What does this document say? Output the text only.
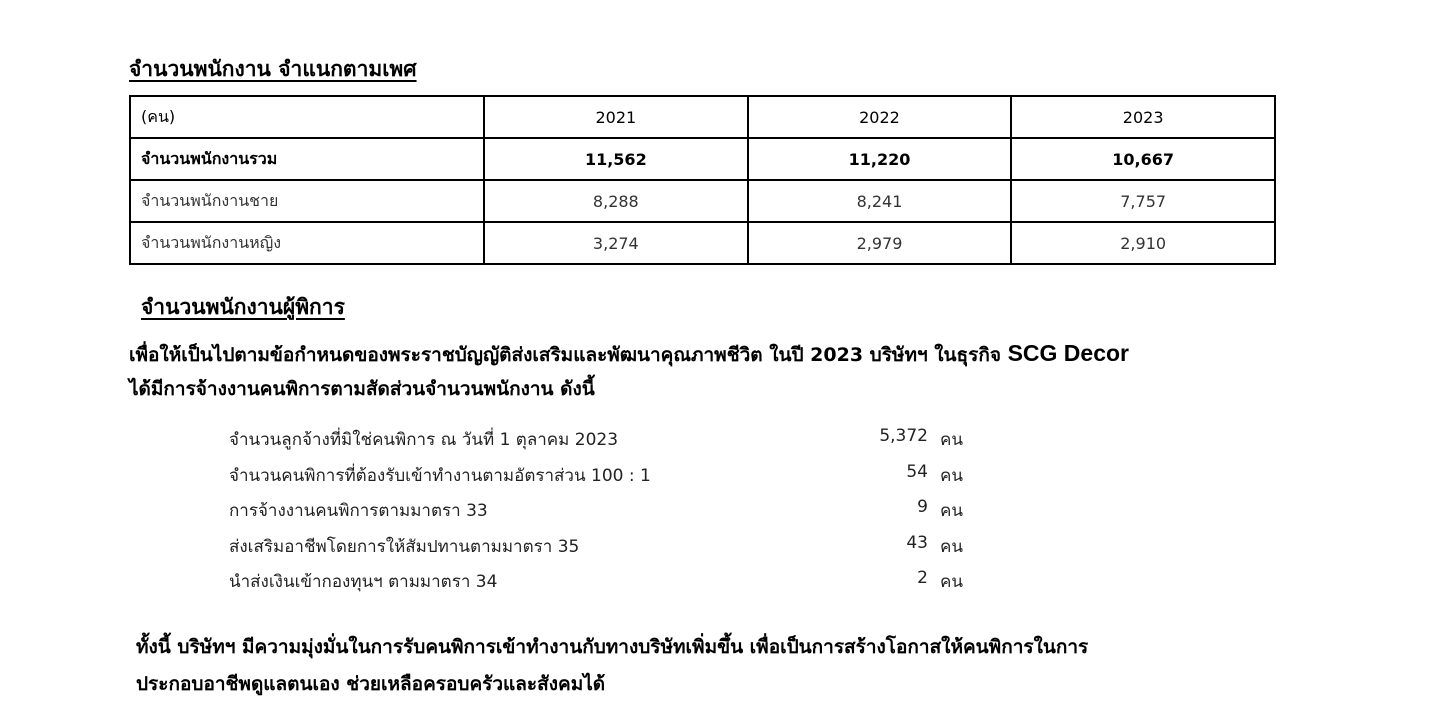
จำนวนพนักงาน จำแนกตามเพศ
(คน)	2021	2022	2023
จำนวนพนักงานรวม	11,562	11,220	10,667
จำนวนพนักงานชาย	8,288	8,241	7,757
จำนวนพนักงานหญิง	3,274	2,979	2,910
จำนวนพนักงานผู้พิการ
เพื่อให้เป็นไปตามข้อกำหนดของพระราชบัญญัติส่งเสริมและพัฒนาคุณภาพชีวิต ในปี 2023 บริษัทฯ ในธุรกิจ SCG Decor
ได้มีการจ้างงานคนพิการตามสัดส่วนจำนวนพนักงาน ดังนี้
จำนวนลูกจ้างที่มิใช่คนพิการ ณ วันที่ 1 ตุลาคม 2023	5,372 คน
จำนวนคนพิการที่ต้องรับเข้าทำงานตามอัตราส่วน 100 : 1	54 คน
การจ้างงานคนพิการตามมาตรา 33	9 คน
ส่งเสริมอาชีพโดยการให้สัมปทานตามมาตรา 35	43 คน
นำส่งเงินเข้ากองทุนฯ ตามมาตรา 34	2 คน
ทั้งนี้ บริษัทฯ มีความมุ่งมั่นในการรับคนพิการเข้าทำงานกับทางบริษัทเพิ่มขึ้น เพื่อเป็นการสร้างโอกาสให้คนพิการในการ
ประกอบอาชีพดูแลตนเอง ช่วยเหลือครอบครัวและสังคมได้
